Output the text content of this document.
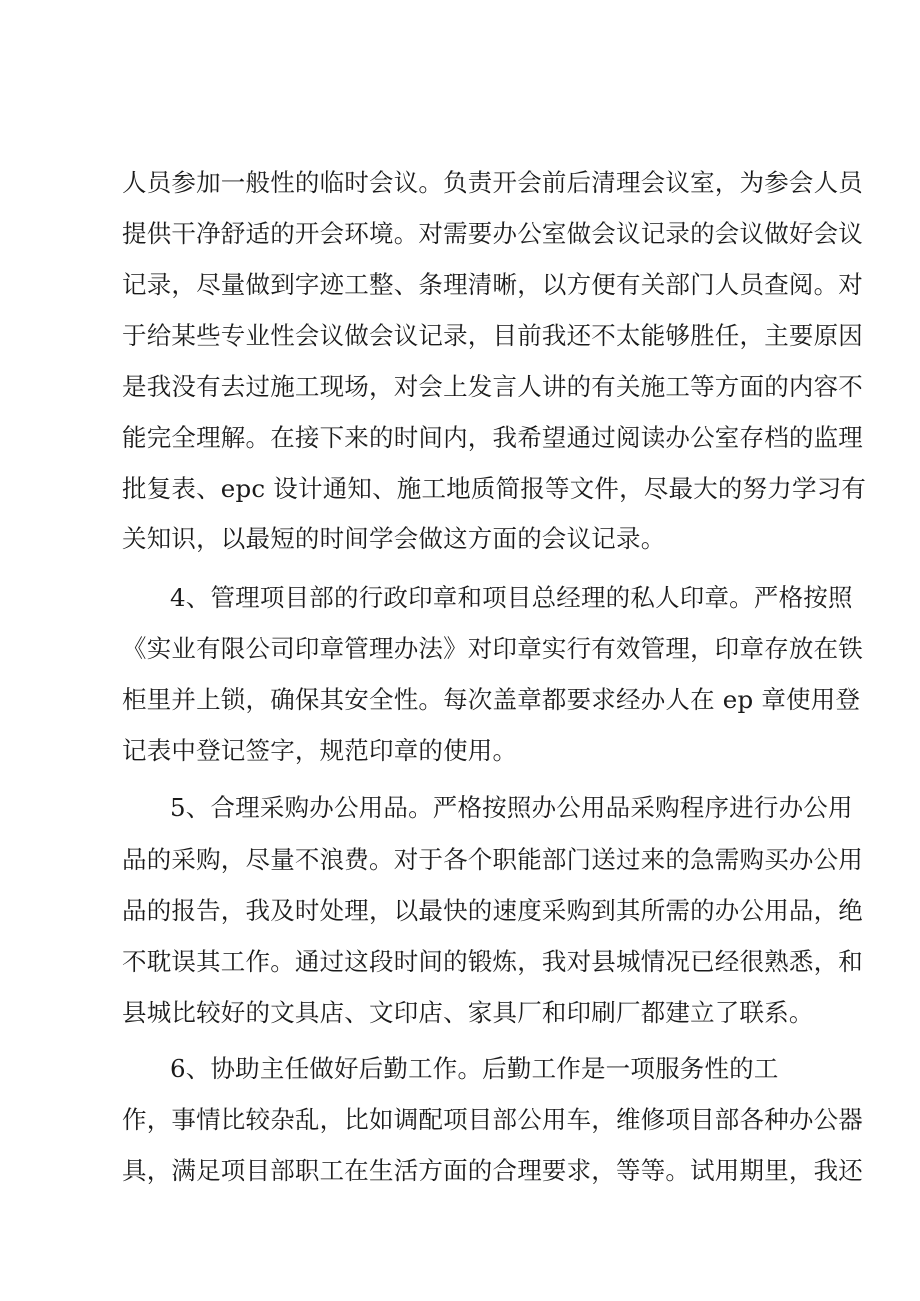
人员参加一般性的临时会议。负责开会前后清理会议室，为参会人员
提供干净舒适的开会环境。对需要办公室做会议记录的会议做好会议
记录，尽量做到字迹工整、条理清晰，以方便有关部门人员查阅。对
于给某些专业性会议做会议记录，目前我还不太能够胜任，主要原因
是我没有去过施工现场，对会上发言人讲的有关施工等方面的内容不
能完全理解。在接下来的时间内，我希望通过阅读办公室存档的监理
批复表、epc 设计通知、施工地质简报等文件，尽最大的努力学习有
关知识，以最短的时间学会做这方面的会议记录。
4、管理项目部的行政印章和项目总经理的私人印章。严格按照
《实业有限公司印章管理办法》对印章实行有效管理，印章存放在铁
柜里并上锁，确保其安全性。每次盖章都要求经办人在 ep 章使用登
记表中登记签字，规范印章的使用。
5、合理采购办公用品。严格按照办公用品采购程序进行办公用
品的采购，尽量不浪费。对于各个职能部门送过来的急需购买办公用
品的报告，我及时处理，以最快的速度采购到其所需的办公用品，绝
不耽误其工作。通过这段时间的锻炼，我对县城情况已经很熟悉，和
县城比较好的文具店、文印店、家具厂和印刷厂都建立了联系。
6、协助主任做好后勤工作。后勤工作是一项服务性的工
作，事情比较杂乱，比如调配项目部公用车，维修项目部各种办公器
具，满足项目部职工在生活方面的合理要求，等等。试用期里，我还
